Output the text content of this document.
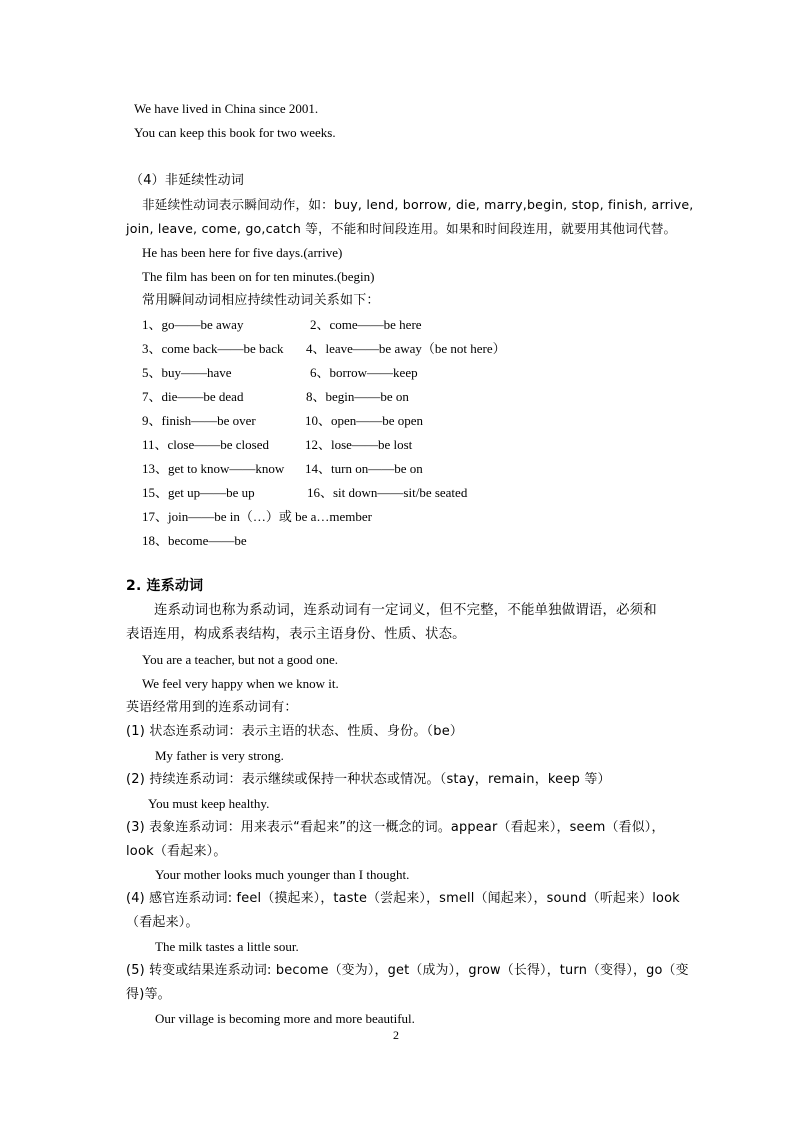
We have lived in China since 2001.
You can keep this book for two weeks.
（4）非延续性动词
非延续性动词表示瞬间动作，如：buy, lend, borrow, die, marry,begin, stop, finish, arrive,
join, leave, come, go,catch 等，不能和时间段连用。如果和时间段连用，就要用其他词代替。
He has been here for five days.(arrive)
The film has been on for ten minutes.(begin)
常用瞬间动词相应持续性动词关系如下：
1、go——be away	2、come——be here
3、come back——be back 4、leave——be away（be not here）
5、buy——have	6、borrow——keep
7、die——be dead	8、begin——be on
9、finish——be over	10、open——be open
11、close——be closed	12、lose——be lost
13、get to know——know 14、turn on——be on
15、get up——be up	16、sit down——sit/be seated
17、join——be in（…）或 be a…member
18、become——be
2. 连系动词
连系动词也称为系动词，连系动词有一定词义，但不完整，不能单独做谓语，必须和
表语连用，构成系表结构，表示主语身份、性质、状态。
You are a teacher, but not a good one.
We feel very happy when we know it.
英语经常用到的连系动词有：
(1) 状态连系动词：表示主语的状态、性质、身份。（be）
My father is very strong.
(2) 持续连系动词：表示继续或保持一种状态或情况。（stay，remain，keep 等）
You must keep healthy.
(3) 表象连系动词：用来表示“看起来”的这一概念的词。appear（看起来），seem（看似），
look（看起来）。
Your mother looks much younger than I thought.
(4) 感官连系动词: feel（摸起来），taste（尝起来），smell（闻起来），sound（听起来）look
（看起来）。
The milk tastes a little sour.
(5) 转变或结果连系动词: become（变为），get（成为），grow（长得），turn（变得），go（变
得)等。
Our village is becoming more and more beautiful.
2
